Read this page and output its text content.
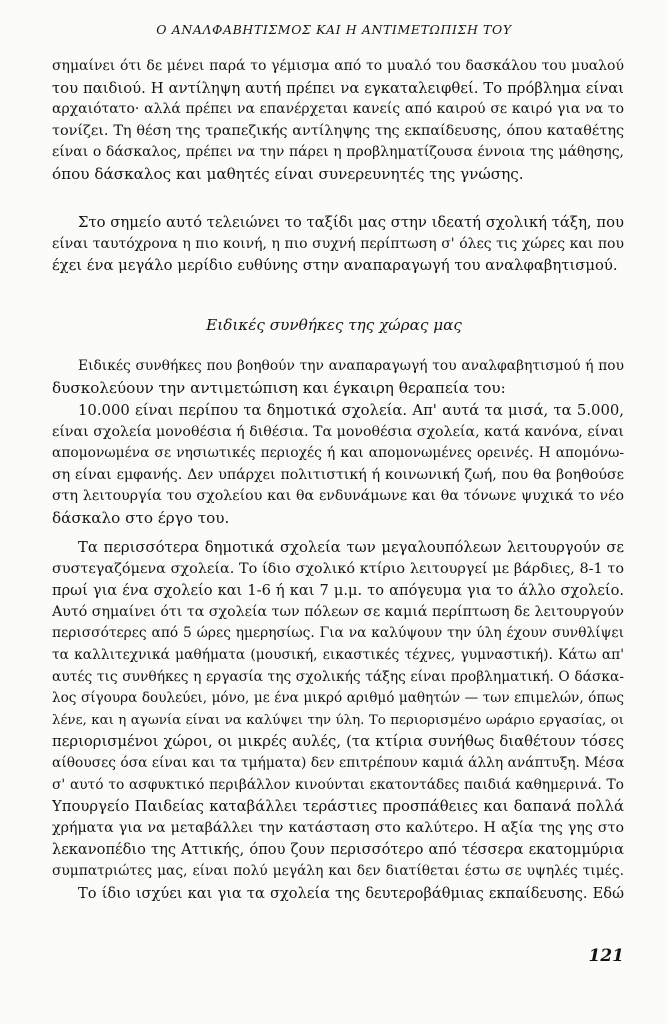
Ο ΑΝΑΛΦΑΒΗΤΙΣΜΟΣ ΚΑΙ Η ΑΝΤΙΜΕΤΩΠΙΣΗ ΤΟΥ
σημαίνει ότι δε μένει παρά το γέμισμα από το μυαλό του δασκάλου του μυαλού
του παιδιού. Η αντίληψη αυτή πρέπει να εγκαταλειφθεί. Το πρόβλημα είναι
αρχαιότατο· αλλά πρέπει να επανέρχεται κανείς από καιρού σε καιρό για να το
τονίζει. Τη θέση της τραπεζικής αντίληψης της εκπαίδευσης, όπου καταθέτης
είναι ο δάσκαλος, πρέπει να την πάρει η προβληματίζουσα έννοια της μάθησης,
όπου δάσκαλος και μαθητές είναι συνερευνητές της γνώσης.
Στο σημείο αυτό τελειώνει το ταξίδι μας στην ιδεατή σχολική τάξη, που
είναι ταυτόχρονα η πιο κοινή, η πιο συχνή περίπτωση σ' όλες τις χώρες και που
έχει ένα μεγάλο μερίδιο ευθύνης στην αναπαραγωγή του αναλφαβητισμού.
Ειδικές συνθήκες της χώρας μας
Ειδικές συνθήκες που βοηθούν την αναπαραγωγή του αναλφαβητισμού ή που
δυσκολεύουν την αντιμετώπιση και έγκαιρη θεραπεία του:
10.000 είναι περίπου τα δημοτικά σχολεία. Απ' αυτά τα μισά, τα 5.000,
είναι σχολεία μονοθέσια ή διθέσια. Τα μονοθέσια σχολεία, κατά κανόνα, είναι
απομονωμένα σε νησιωτικές περιοχές ή και απομονωμένες ορεινές. Η απομόνω-
ση είναι εμφανής. Δεν υπάρχει πολιτιστική ή κοινωνική ζωή, που θα βοηθούσε
στη λειτουργία του σχολείου και θα ενδυνάμωνε και θα τόνωνε ψυχικά το νέο
δάσκαλο στο έργο του.
Τα περισσότερα δημοτικά σχολεία των μεγαλουπόλεων λειτουργούν σε
συστεγαζόμενα σχολεία. Το ίδιο σχολικό κτίριο λειτουργεί με βάρδιες, 8-1 το
πρωί για ένα σχολείο και 1-6 ή και 7 μ.μ. το απόγευμα για το άλλο σχολείο.
Αυτό σημαίνει ότι τα σχολεία των πόλεων σε καμιά περίπτωση δε λειτουργούν
περισσότερες από 5 ώρες ημερησίως. Για να καλύψουν την ύλη έχουν συνθλίψει
τα καλλιτεχνικά μαθήματα (μουσική, εικαστικές τέχνες, γυμναστική). Κάτω απ'
αυτές τις συνθήκες η εργασία της σχολικής τάξης είναι προβληματική. Ο δάσκα-
λος σίγουρα δουλεύει, μόνο, με ένα μικρό αριθμό μαθητών — των επιμελών, όπως
λένε, και η αγωνία είναι να καλύψει την ύλη. Το περιορισμένο ωράριο εργασίας, οι
περιορισμένοι χώροι, οι μικρές αυλές, (τα κτίρια συνήθως διαθέτουν τόσες
αίθουσες όσα είναι και τα τμήματα) δεν επιτρέπουν καμιά άλλη ανάπτυξη. Μέσα
σ' αυτό το ασφυκτικό περιβάλλον κινούνται εκατοντάδες παιδιά καθημερινά. Το
Υπουργείο Παιδείας καταβάλλει τεράστιες προσπάθειες και δαπανά πολλά
χρήματα για να μεταβάλλει την κατάσταση στο καλύτερο. Η αξία της γης στο
λεκανοπέδιο της Αττικής, όπου ζουν περισσότερο από τέσσερα εκατομμύρια
συμπατριώτες μας, είναι πολύ μεγάλη και δεν διατίθεται έστω σε υψηλές τιμές.
Το ίδιο ισχύει και για τα σχολεία της δευτεροβάθμιας εκπαίδευσης. Εδώ
121
